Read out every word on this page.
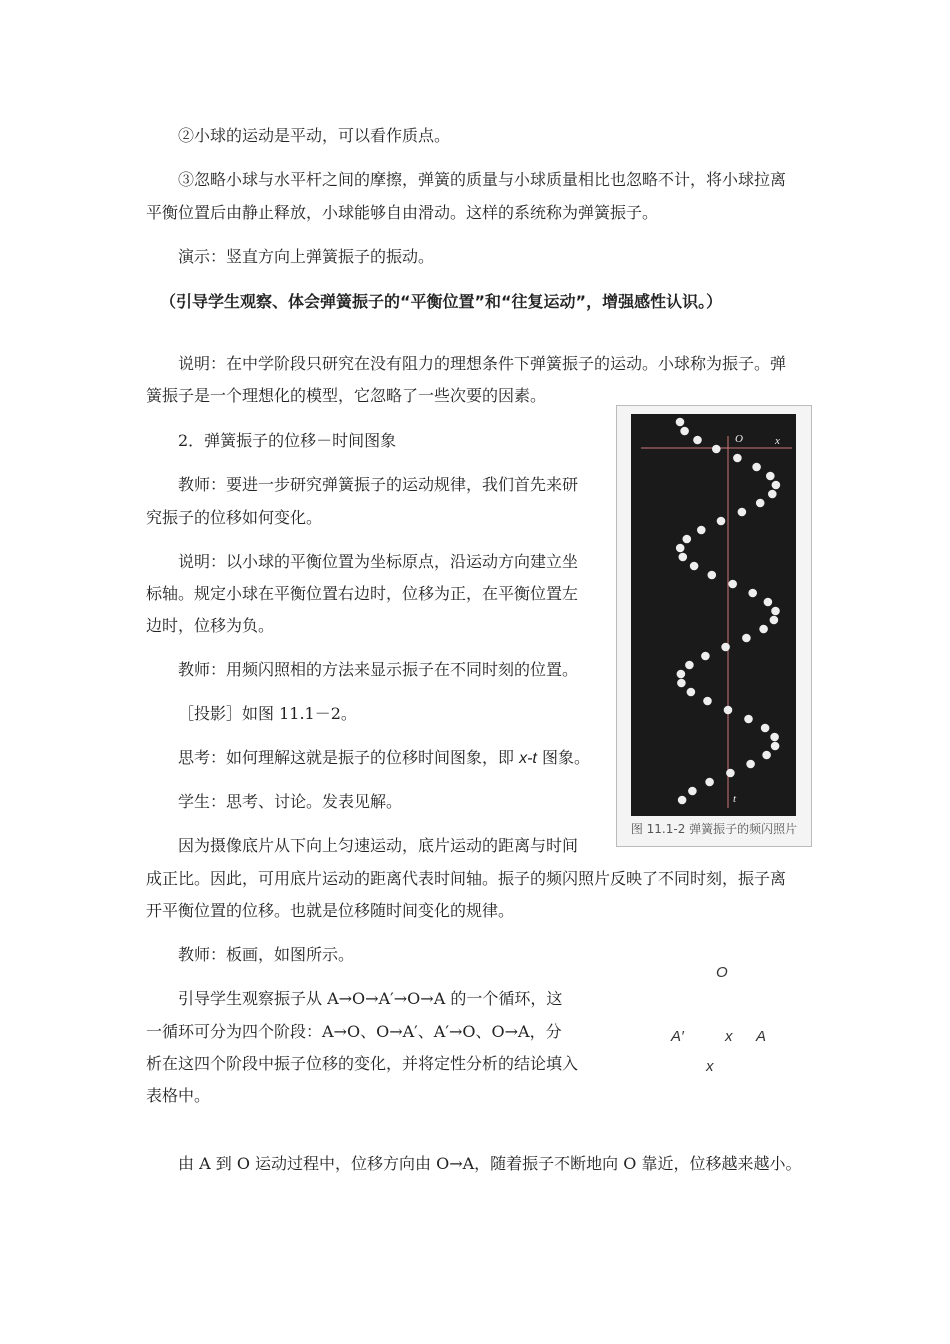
②小球的运动是平动，可以看作质点。
③忽略小球与水平杆之间的摩擦，弹簧的质量与小球质量相比也忽略不计，将小球拉离
平衡位置后由静止释放，小球能够自由滑动。这样的系统称为弹簧振子。
演示：竖直方向上弹簧振子的振动。
（引导学生观察、体会弹簧振子的“平衡位置”和“往复运动”，增强感性认识。）
说明：在中学阶段只研究在没有阻力的理想条件下弹簧振子的运动。小球称为振子。弹
簧振子是一个理想化的模型，它忽略了一些次要的因素。
2．弹簧振子的位移－时间图象
教师：要进一步研究弹簧振子的运动规律，我们首先来研
究振子的位移如何变化。
说明：以小球的平衡位置为坐标原点，沿运动方向建立坐
标轴。规定小球在平衡位置右边时，位移为正，在平衡位置左
边时，位移为负。
教师：用频闪照相的方法来显示振子在不同时刻的位置。
［投影］如图 11.1－2。
思考：如何理解这就是振子的位移时间图象，即 x-t 图象。
学生：思考、讨论。发表见解。
因为摄像底片从下向上匀速运动，底片运动的距离与时间
成正比。因此，可用底片运动的距离代表时间轴。振子的频闪照片反映了不同时刻，振子离
开平衡位置的位移。也就是位移随时间变化的规律。
教师：板画，如图所示。
引导学生观察振子从 A→O→A′→O→A 的一个循环，这
一循环可分为四个阶段：A→O、O→A′、A′→O、O→A，分
析在这四个阶段中振子位移的变化，并将定性分析的结论填入
表格中。
由 A 到 O 运动过程中，位移方向由 O→A，随着振子不断地向 O 靠近，位移越来越小。
O	x
t
图 11.1-2 弹簧振子的频闪照片
O
A′	x A
x
